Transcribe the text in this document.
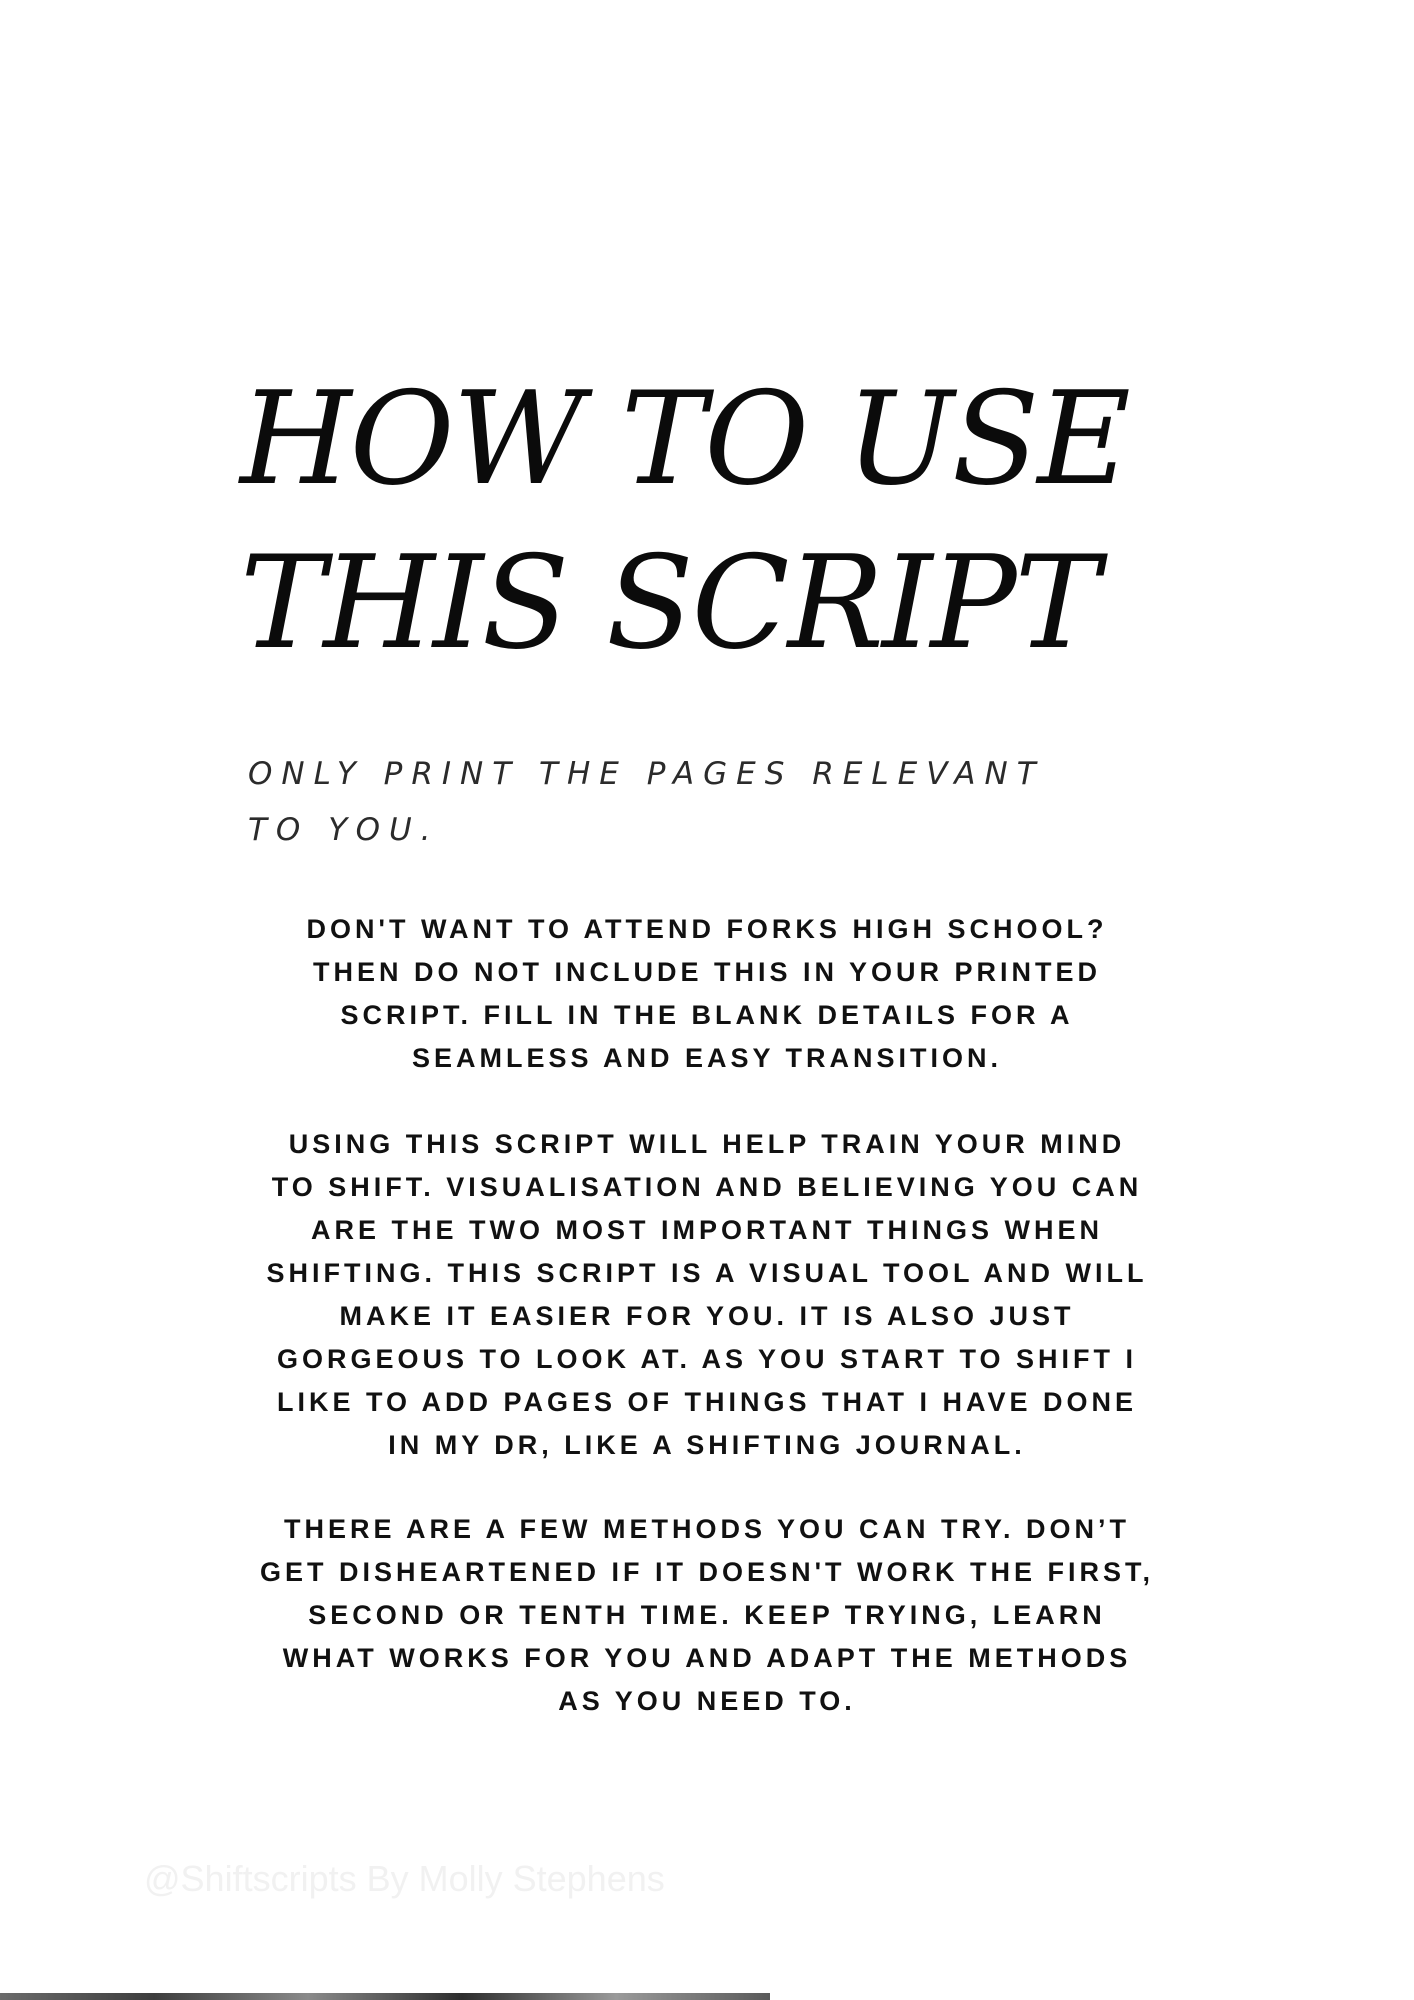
HOW TO USE
THIS SCRIPT

ONLY PRINT THE PAGES RELEVANT
TO YOU.

DON'T WANT TO ATTEND FORKS HIGH SCHOOL?
THEN DO NOT INCLUDE THIS IN YOUR PRINTED
SCRIPT. FILL IN THE BLANK DETAILS FOR A
SEAMLESS AND EASY TRANSITION.

USING THIS SCRIPT WILL HELP TRAIN YOUR MIND
TO SHIFT. VISUALISATION AND BELIEVING YOU CAN
ARE THE TWO MOST IMPORTANT THINGS WHEN
SHIFTING. THIS SCRIPT IS A VISUAL TOOL AND WILL
MAKE IT EASIER FOR YOU. IT IS ALSO JUST
GORGEOUS TO LOOK AT. AS YOU START TO SHIFT I
LIKE TO ADD PAGES OF THINGS THAT I HAVE DONE
IN MY DR, LIKE A SHIFTING JOURNAL.

THERE ARE A FEW METHODS YOU CAN TRY. DON’T
GET DISHEARTENED IF IT DOESN'T WORK THE FIRST,
SECOND OR TENTH TIME. KEEP TRYING, LEARN
WHAT WORKS FOR YOU AND ADAPT THE METHODS
AS YOU NEED TO.

@Shiftscripts By Molly Stephens
